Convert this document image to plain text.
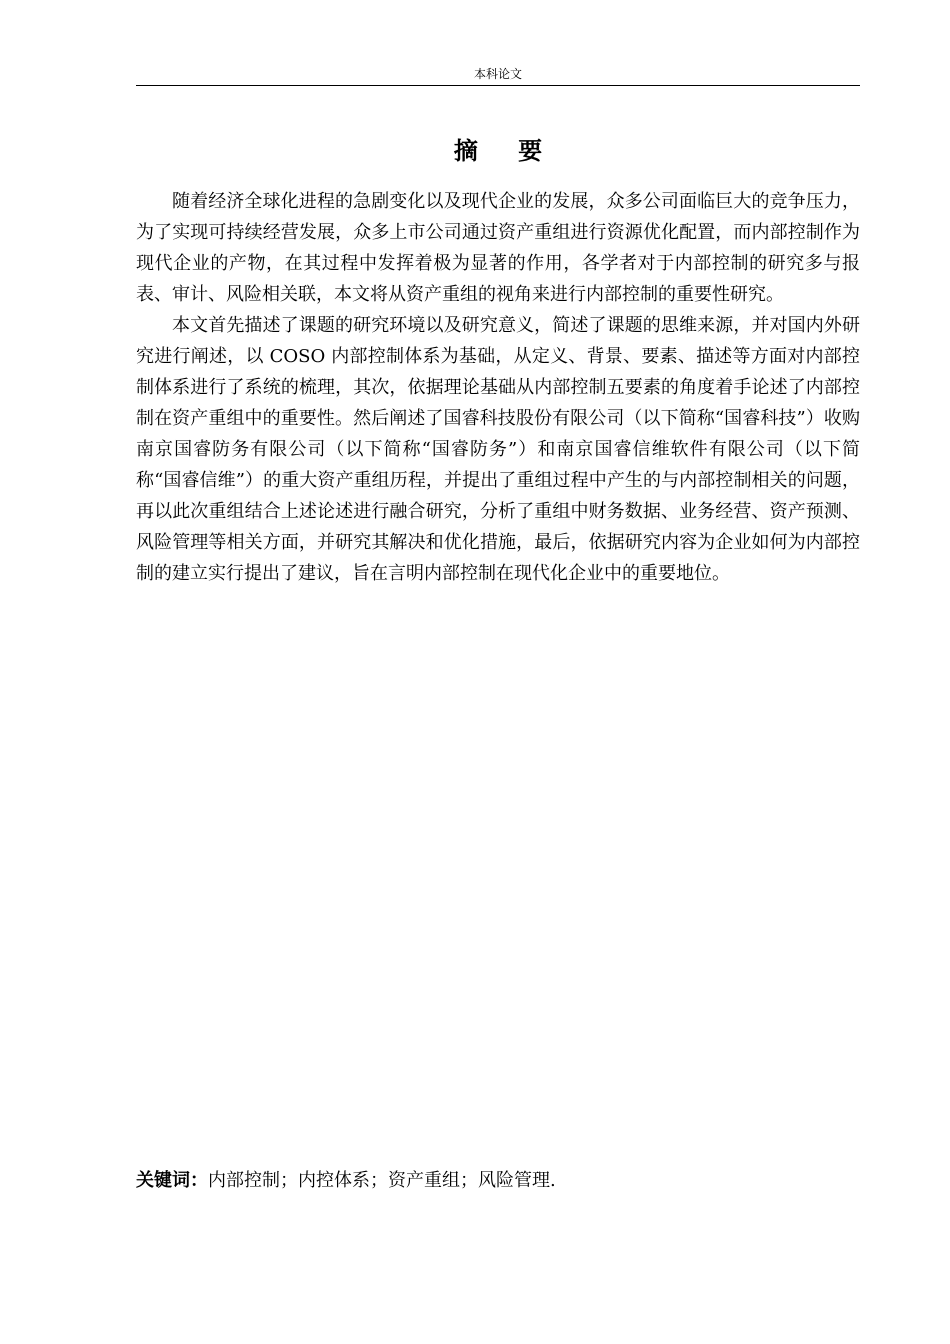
本科论文
摘 要

随着经济全球化进程的急剧变化以及现代企业的发展，众多公司面临巨大的竞争压力，为了实现可持续经营发展，众多上市公司通过资产重组进行资源优化配置，而内部控制作为现代企业的产物，在其过程中发挥着极为显著的作用，各学者对于内部控制的研究多与报表、审计、风险相关联，本文将从资产重组的视角来进行内部控制的重要性研究。

本文首先描述了课题的研究环境以及研究意义，简述了课题的思维来源，并对国内外研究进行阐述，以 COSO 内部控制体系为基础，从定义、背景、要素、描述等方面对内部控制体系进行了系统的梳理，其次，依据理论基础从内部控制五要素的角度着手论述了内部控制在资产重组中的重要性。然后阐述了国睿科技股份有限公司（以下简称“国睿科技”）收购南京国睿防务有限公司（以下简称“国睿防务”）和南京国睿信维软件有限公司（以下简称“国睿信维”）的重大资产重组历程，并提出了重组过程中产生的与内部控制相关的问题，再以此次重组结合上述论述进行融合研究，分析了重组中财务数据、业务经营、资产预测、风险管理等相关方面，并研究其解决和优化措施，最后，依据研究内容为企业如何为内部控制的建立实行提出了建议，旨在言明内部控制在现代化企业中的重要地位。

关键词：内部控制；内控体系；资产重组；风险管理.
